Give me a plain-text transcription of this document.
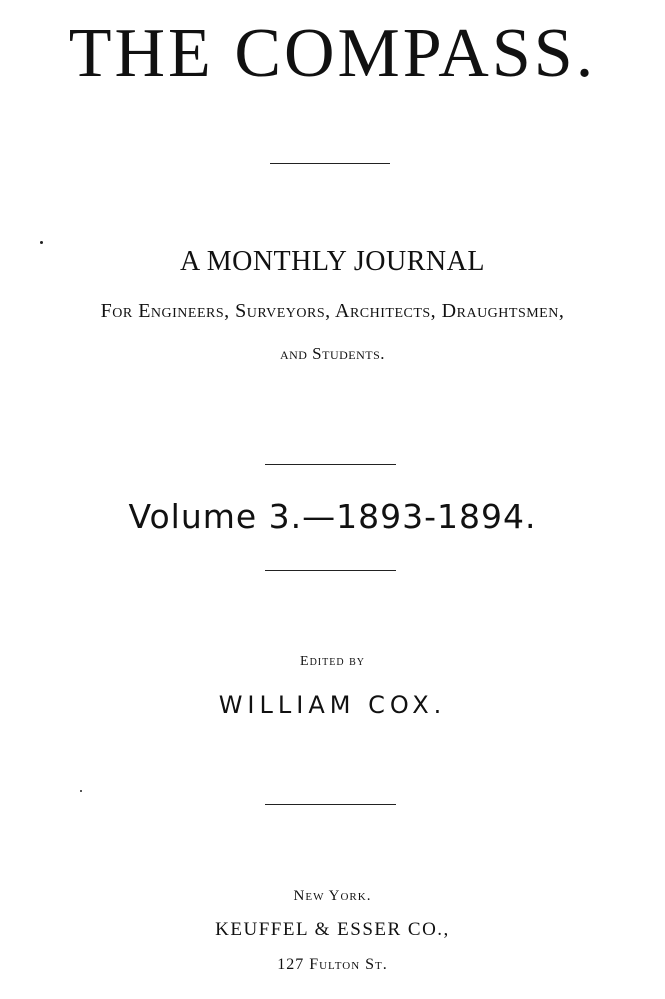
THE COMPASS.
A MONTHLY JOURNAL
For Engineers, Surveyors, Architects, Draughtsmen,
and Students.
Volume 3.—1893-1894.
Edited by
WILLIAM COX.
New York.
KEUFFEL & ESSER CO.,
127 Fulton St.
